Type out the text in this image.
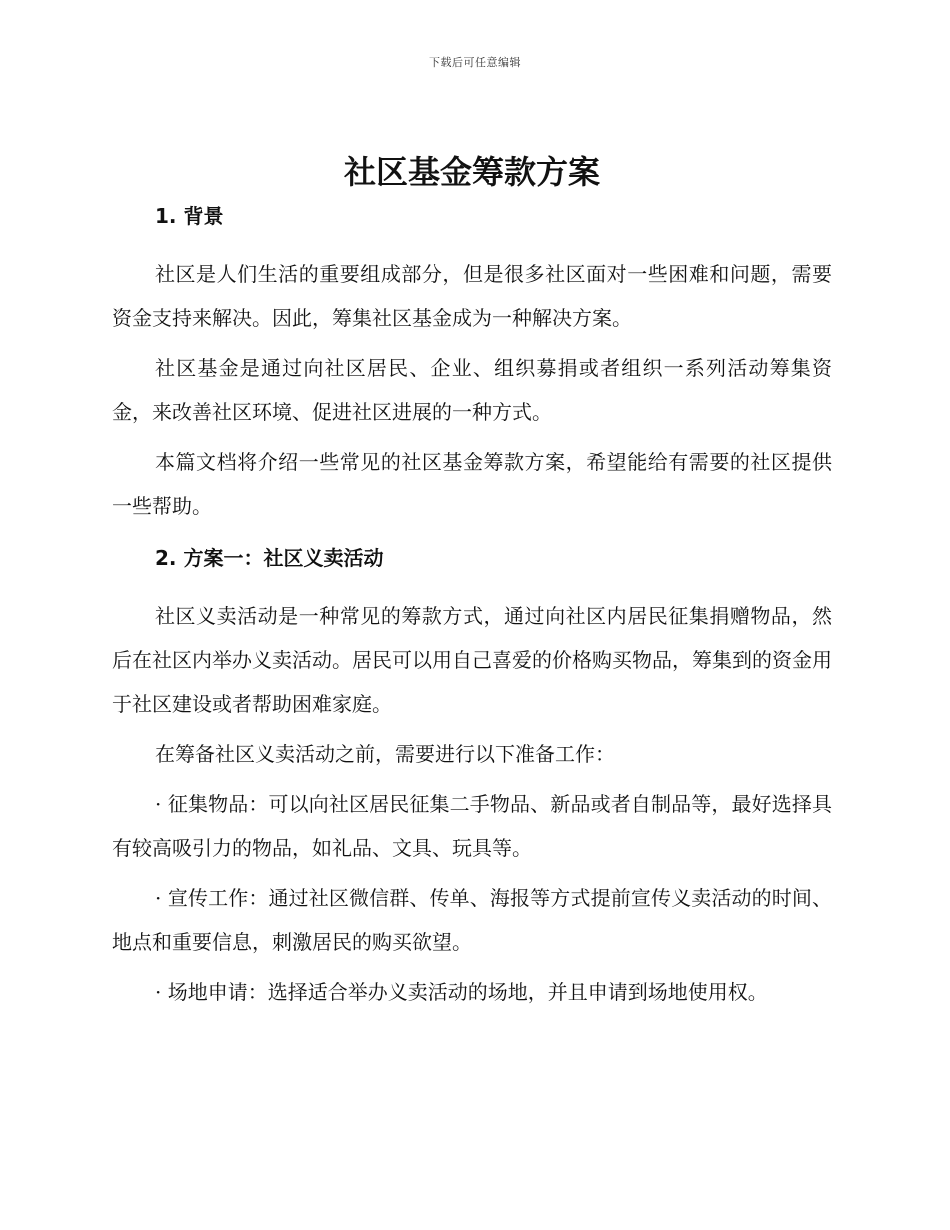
下载后可任意编辑
社区基金筹款方案
1. 背景

社区是人们生活的重要组成部分，但是很多社区面对一些困难和问题，需要资金支持来解决。因此，筹集社区基金成为一种解决方案。

社区基金是通过向社区居民、企业、组织募捐或者组织一系列活动筹集资金，来改善社区环境、促进社区进展的一种方式。

本篇文档将介绍一些常见的社区基金筹款方案，希望能给有需要的社区提供一些帮助。

2. 方案一：社区义卖活动

社区义卖活动是一种常见的筹款方式，通过向社区内居民征集捐赠物品，然后在社区内举办义卖活动。居民可以用自己喜爱的价格购买物品，筹集到的资金用于社区建设或者帮助困难家庭。

在筹备社区义卖活动之前，需要进行以下准备工作：

· 征集物品：可以向社区居民征集二手物品、新品或者自制品等，最好选择具有较高吸引力的物品，如礼品、文具、玩具等。

· 宣传工作：通过社区微信群、传单、海报等方式提前宣传义卖活动的时间、地点和重要信息，刺激居民的购买欲望。

· 场地申请：选择适合举办义卖活动的场地，并且申请到场地使用权。
